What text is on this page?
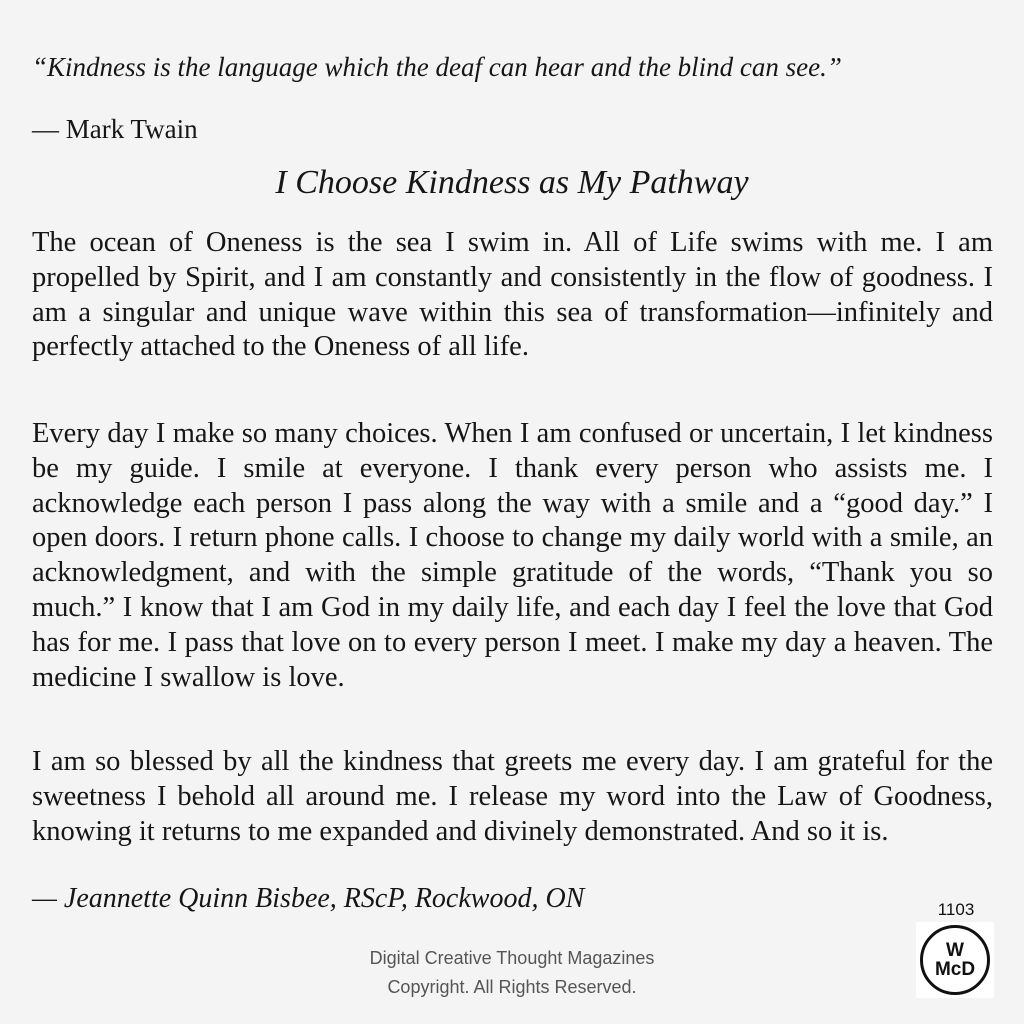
“Kindness is the language which the deaf can hear and the blind can see.”

— Mark Twain

I Choose Kindness as My Pathway

The ocean of Oneness is the sea I swim in. All of Life swims with me. I am propelled by Spirit, and I am constantly and consistently in the flow of goodness. I am a singular and unique wave within this sea of transformation—infinitely and perfectly attached to the Oneness of all life.

Every day I make so many choices. When I am confused or uncertain, I let kindness be my guide. I smile at everyone. I thank every person who assists me. I acknowledge each person I pass along the way with a smile and a “good day.” I open doors. I return phone calls. I choose to change my daily world with a smile, an acknowledgment, and with the simple gratitude of the words, “Thank you so much.” I know that I am God in my daily life, and each day I feel the love that God has for me. I pass that love on to every person I meet. I make my day a heaven. The medicine I swallow is love.

I am so blessed by all the kindness that greets me every day. I am grateful for the sweetness I behold all around me. I release my word into the Law of Goodness, knowing it returns to me expanded and divinely demonstrated. And so it is.

— Jeannette Quinn Bisbee, RScP, Rockwood, ON	1103
W
McD
Digital Creative Thought Magazines
Copyright. All Rights Reserved.
